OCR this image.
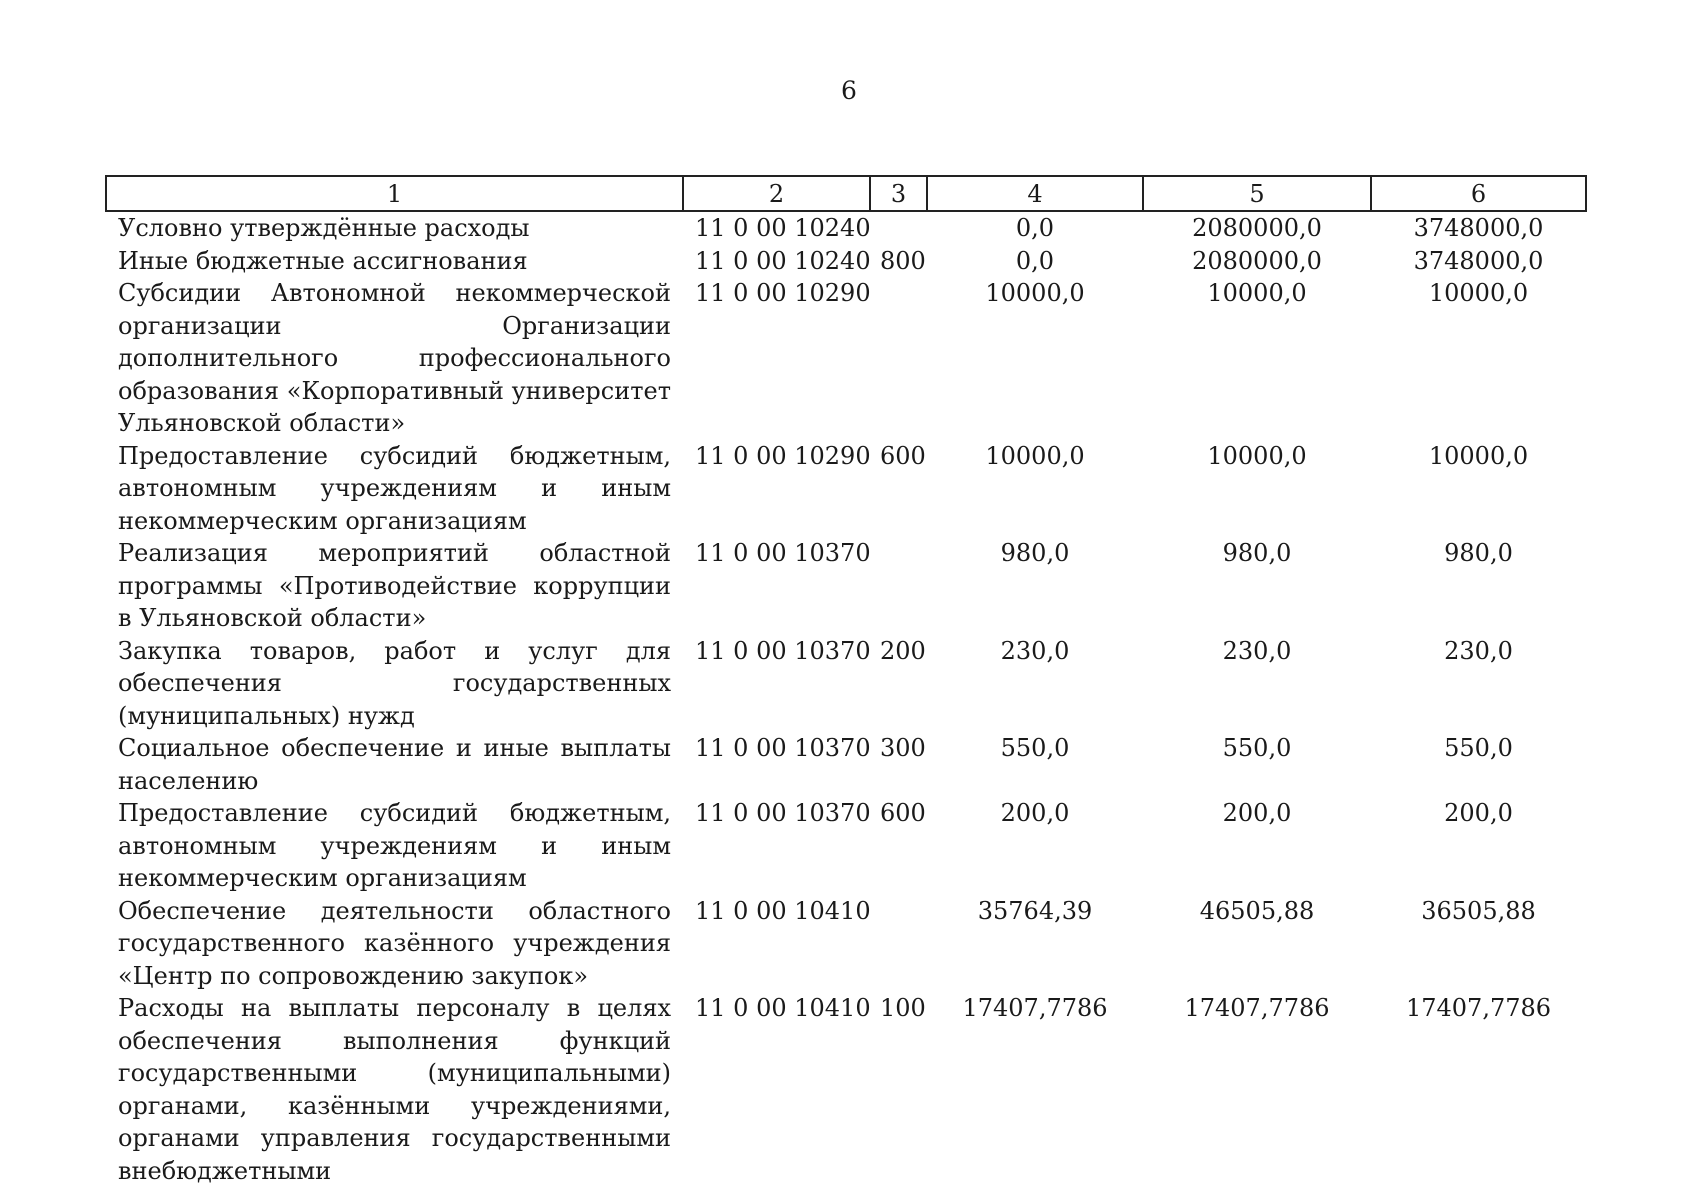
6
1	2	3	4	5	6
Условно утверждённые расходы	11 0 00 10240		0,0	2080000,0	3748000,0
Иные бюджетные ассигнования	11 0 00 10240	800	0,0	2080000,0	3748000,0
Субсидии Автономной некоммерческой организации Организации дополнительного профессионального образования «Корпоративный университет Ульяновской области»	11 0 00 10290		10000,0	10000,0	10000,0
Предоставление субсидий бюджетным, автономным учреждениям и иным некоммерческим организациям	11 0 00 10290	600	10000,0	10000,0	10000,0
Реализация мероприятий областной программы «Противодействие коррупции в Ульяновской области»	11 0 00 10370		980,0	980,0	980,0
Закупка товаров, работ и услуг для обеспечения государственных (муниципальных) нужд	11 0 00 10370	200	230,0	230,0	230,0
Социальное обеспечение и иные выплаты населению	11 0 00 10370	300	550,0	550,0	550,0
Предоставление субсидий бюджетным, автономным учреждениям и иным некоммерческим организациям	11 0 00 10370	600	200,0	200,0	200,0
Обеспечение деятельности областного государственного казённого учреждения «Центр по сопровождению закупок»	11 0 00 10410		35764,39	46505,88	36505,88
Расходы на выплаты персоналу в целях обеспечения выполнения функций государственными (муниципальными) органами, казёнными учреждениями, органами управления государственными внебюджетными	11 0 00 10410	100	17407,7786	17407,7786	17407,7786
